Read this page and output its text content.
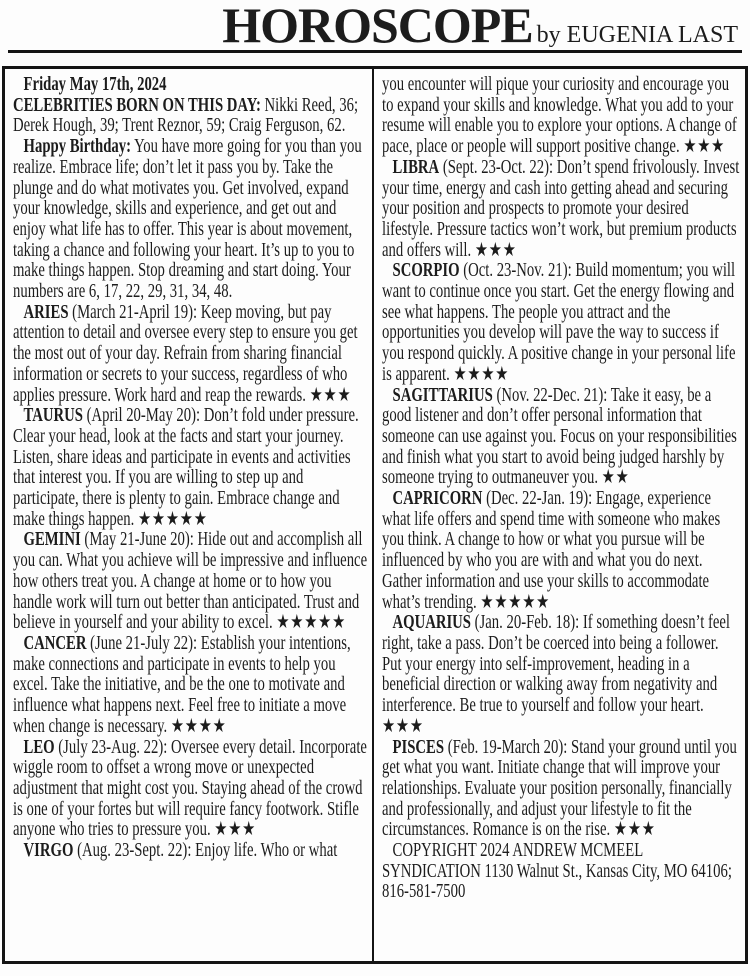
HOROSCOPE by EUGENIA LAST

Friday May 17th, 2024

CELEBRITIES BORN ON THIS DAY: Nikki Reed, 36; Derek Hough, 39; Trent Reznor, 59; Craig Ferguson, 62.

Happy Birthday: You have more going for you than you realize. Embrace life; don’t let it pass you by. Take the plunge and do what motivates you. Get involved, expand your knowledge, skills and experience, and get out and enjoy what life has to offer. This year is about movement, taking a chance and following your heart. It’s up to you to make things happen. Stop dreaming and start doing. Your numbers are 6, 17, 22, 29, 31, 34, 48.

ARIES (March 21-April 19): Keep moving, but pay attention to detail and oversee every step to ensure you get the most out of your day. Refrain from sharing financial information or secrets to your success, regardless of who applies pressure. Work hard and reap the rewards. ★★★

TAURUS (April 20-May 20): Don’t fold under pressure. Clear your head, look at the facts and start your journey. Listen, share ideas and participate in events and activities that interest you. If you are willing to step up and participate, there is plenty to gain. Embrace change and make things happen. ★★★★★

GEMINI (May 21-June 20): Hide out and accomplish all you can. What you achieve will be impressive and influence how others treat you. A change at home or to how you handle work will turn out better than anticipated. Trust and believe in yourself and your ability to excel. ★★★★★

CANCER (June 21-July 22): Establish your intentions, make connections and participate in events to help you excel. Take the initiative, and be the one to motivate and influence what happens next. Feel free to initiate a move when change is necessary. ★★★★

LEO (July 23-Aug. 22): Oversee every detail. Incorporate wiggle room to offset a wrong move or unexpected adjustment that might cost you. Staying ahead of the crowd is one of your fortes but will require fancy footwork. Stifle anyone who tries to pressure you. ★★★

VIRGO (Aug. 23-Sept. 22): Enjoy life. Who or what

you encounter will pique your curiosity and encourage you to expand your skills and knowledge. What you add to your resume will enable you to explore your options. A change of pace, place or people will support positive change. ★★★

LIBRA (Sept. 23-Oct. 22): Don’t spend frivolously. Invest your time, energy and cash into getting ahead and securing your position and prospects to promote your desired lifestyle. Pressure tactics won’t work, but premium products and offers will. ★★★

SCORPIO (Oct. 23-Nov. 21): Build momentum; you will want to continue once you start. Get the energy flowing and see what happens. The people you attract and the opportunities you develop will pave the way to success if you respond quickly. A positive change in your personal life is apparent. ★★★★

SAGITTARIUS (Nov. 22-Dec. 21): Take it easy, be a good listener and don’t offer personal information that someone can use against you. Focus on your responsibilities and finish what you start to avoid being judged harshly by someone trying to outmaneuver you. ★★

CAPRICORN (Dec. 22-Jan. 19): Engage, experience what life offers and spend time with someone who makes you think. A change to how or what you pursue will be influenced by who you are with and what you do next. Gather information and use your skills to accommodate what’s trending. ★★★★★

AQUARIUS (Jan. 20-Feb. 18): If something doesn’t feel right, take a pass. Don’t be coerced into being a follower. Put your energy into self-improvement, heading in a beneficial direction or walking away from negativity and interference. Be true to yourself and follow your heart. ★★★

PISCES (Feb. 19-March 20): Stand your ground until you get what you want. Initiate change that will improve your relationships. Evaluate your position personally, financially and professionally, and adjust your lifestyle to fit the circumstances. Romance is on the rise. ★★★

COPYRIGHT 2024 ANDREW MCMEEL SYNDICATION 1130 Walnut St., Kansas City, MO 64106; 816-581-7500
